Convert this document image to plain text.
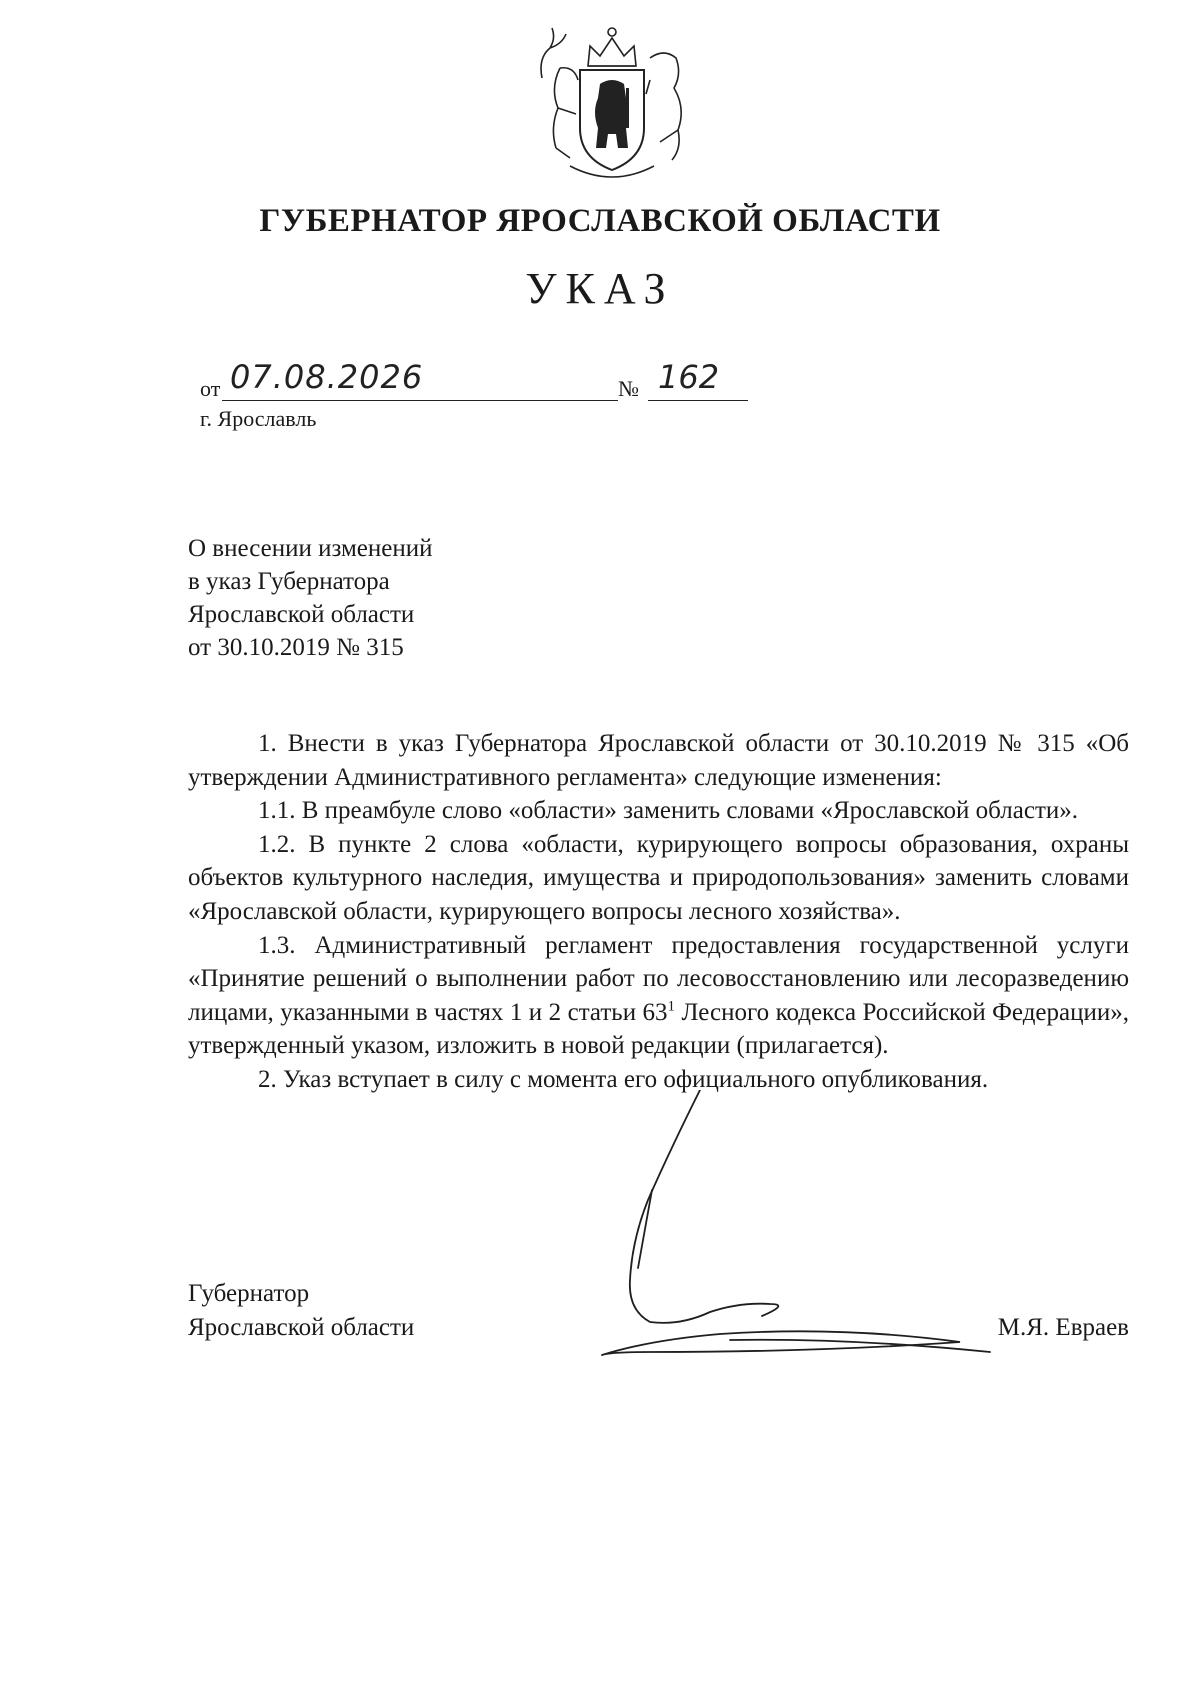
ГУБЕРНАТОР ЯРОСЛАВСКОЙ ОБЛАСТИ
УКАЗ
от 07.08.2026	№ 162
г. Ярославль
О внесении изменений
в указ Губернатора
Ярославской области
от 30.10.2019 № 315

1. Внести в указ Губернатора Ярославской области от 30.10.2019 № 315 «Об утверждении Административного регламента» следующие изменения:

1.1. В преамбуле слово «области» заменить словами «Ярославской области».

1.2. В пункте 2 слова «области, курирующего вопросы образования, охраны объектов культурного наследия, имущества и природопользования» заменить словами «Ярославской области, курирующего вопросы лесного хозяйства».

1.3. Административный регламент предоставления государственной услуги «Принятие решений о выполнении работ по лесовосстановлению или лесоразведению лицами, указанными в частях 1 и 2 статьи $63^1$ Лесного кодекса Российской Федерации», утвержденный указом, изложить в новой редакции (прилагается).

2. Указ вступает в силу с момента его официального опубликования.

Губернатор
Ярославской области	М.Я. Евраев
